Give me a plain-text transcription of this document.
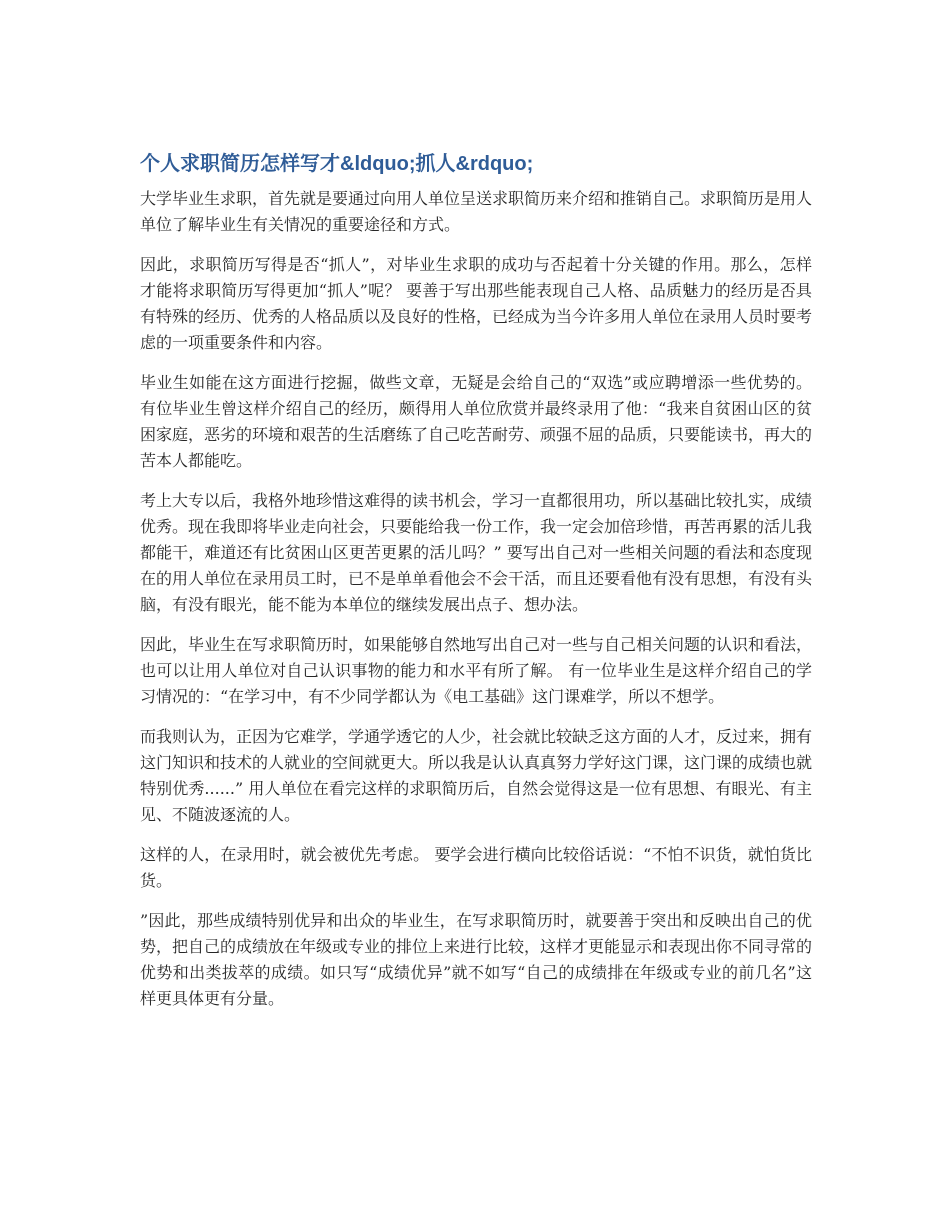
个人求职简历怎样写才&ldquo;抓人&rdquo;

大学毕业生求职，首先就是要通过向用人单位呈送求职简历来介绍和推销自己。求职简历是用人单位了解毕业生有关情况的重要途径和方式。

因此，求职简历写得是否“抓人”，对毕业生求职的成功与否起着十分关键的作用。那么，怎样才能将求职简历写得更加“抓人”呢？ 要善于写出那些能表现自己人格、品质魅力的经历是否具有特殊的经历、优秀的人格品质以及良好的性格，已经成为当今许多用人单位在录用人员时要考虑的一项重要条件和内容。

毕业生如能在这方面进行挖掘，做些文章，无疑是会给自己的“双选”或应聘增添一些优势的。 有位毕业生曾这样介绍自己的经历，颇得用人单位欣赏并最终录用了他：“我来自贫困山区的贫困家庭，恶劣的环境和艰苦的生活磨练了自己吃苦耐劳、顽强不屈的品质，只要能读书，再大的苦本人都能吃。

考上大专以后，我格外地珍惜这难得的读书机会，学习一直都很用功，所以基础比较扎实，成绩优秀。现在我即将毕业走向社会，只要能给我一份工作，我一定会加倍珍惜，再苦再累的活儿我都能干，难道还有比贫困山区更苦更累的活儿吗？” 要写出自己对一些相关问题的看法和态度现在的用人单位在录用员工时，已不是单单看他会不会干活，而且还要看他有没有思想，有没有头脑，有没有眼光，能不能为本单位的继续发展出点子、想办法。

因此，毕业生在写求职简历时，如果能够自然地写出自己对一些与自己相关问题的认识和看法，也可以让用人单位对自己认识事物的能力和水平有所了解。 有一位毕业生是这样介绍自己的学习情况的：“在学习中，有不少同学都认为《电工基础》这门课难学，所以不想学。

而我则认为，正因为它难学，学通学透它的人少，社会就比较缺乏这方面的人才，反过来，拥有这门知识和技术的人就业的空间就更大。所以我是认认真真努力学好这门课，这门课的成绩也就特别优秀......” 用人单位在看完这样的求职简历后，自然会觉得这是一位有思想、有眼光、有主见、不随波逐流的人。

这样的人，在录用时，就会被优先考虑。 要学会进行横向比较俗话说：“不怕不识货，就怕货比货。

”因此，那些成绩特别优异和出众的毕业生，在写求职简历时，就要善于突出和反映出自己的优势，把自己的成绩放在年级或专业的排位上来进行比较，这样才更能显示和表现出你不同寻常的优势和出类拔萃的成绩。如只写“成绩优异”就不如写“自己的成绩排在年级或专业的前几名”这样更具体更有分量。
